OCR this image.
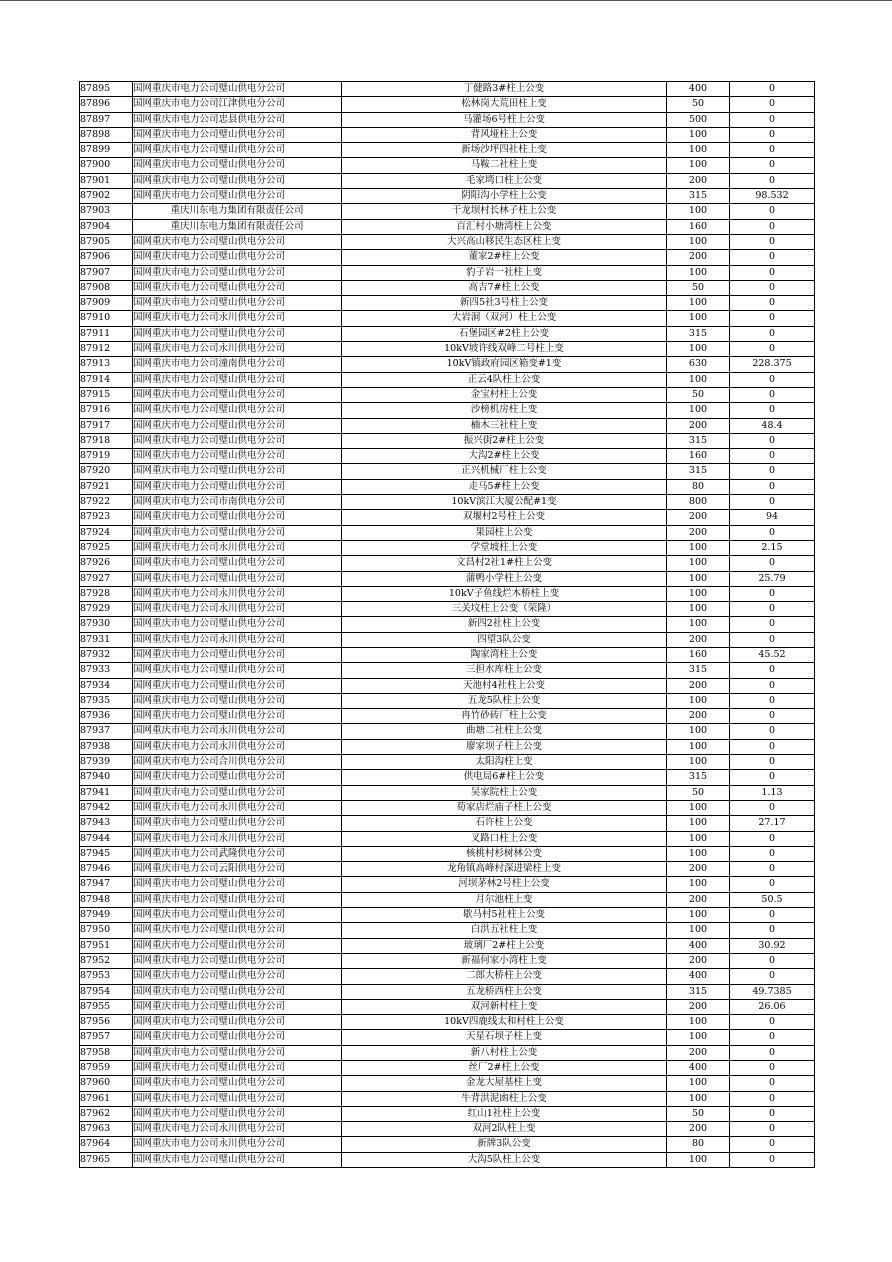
87895	国网重庆市电力公司璧山供电分公司	丁健路3#柱上公变	400	0
87896	国网重庆市电力公司江津供电分公司	松林岗大荒田柱上变	50	0
87897	国网重庆市电力公司忠县供电分公司	马灌场6号柱上公变	500	0
87898	国网重庆市电力公司璧山供电分公司	背风垭柱上公变	100	0
87899	国网重庆市电力公司璧山供电分公司	新场沙坪四社柱上变	100	0
87900	国网重庆市电力公司璧山供电分公司	马鞍二社柱上变	100	0
87901	国网重庆市电力公司璧山供电分公司	毛家塆口柱上公变	200	0
87902	国网重庆市电力公司璧山供电分公司	阴阳沟小学柱上公变	315	98.532
87903	重庆川东电力集团有限责任公司	干龙坝村长林子柱上公变	100	0
87904	重庆川东电力集团有限责任公司	百汇村小塘湾柱上公变	160	0
87905	国网重庆市电力公司璧山供电分公司	大兴高山移民生态区柱上变	100	0
87906	国网重庆市电力公司璧山供电分公司	董家2#柱上公变	200	0
87907	国网重庆市电力公司璧山供电分公司	豹子岩一社柱上变	100	0
87908	国网重庆市电力公司璧山供电分公司	高吉7#柱上公变	50	0
87909	国网重庆市电力公司璧山供电分公司	新四5社3号柱上公变	100	0
87910	国网重庆市电力公司永川供电分公司	大岩洞（双河）柱上公变	100	0
87911	国网重庆市电力公司璧山供电分公司	石堡园区#2柱上公变	315	0
87912	国网重庆市电力公司永川供电分公司	10kV坡许线双峰二号柱上变	100	0
87913	国网重庆市电力公司潼南供电分公司	10kV镇政府园区箱变#1变	630	228.375
87914	国网重庆市电力公司璧山供电分公司	正云4队柱上公变	100	0
87915	国网重庆市电力公司璧山供电分公司	金宝村柱上公变	50	0
87916	国网重庆市电力公司璧山供电分公司	沙榜机房柱上变	100	0
87917	国网重庆市电力公司璧山供电分公司	楠木三社柱上变	200	48.4
87918	国网重庆市电力公司璧山供电分公司	振兴街2#柱上公变	315	0
87919	国网重庆市电力公司璧山供电分公司	大沟2#柱上公变	160	0
87920	国网重庆市电力公司璧山供电分公司	正兴机械厂柱上公变	315	0
87921	国网重庆市电力公司璧山供电分公司	走马5#柱上公变	80	0
87922	国网重庆市电力公司市南供电分公司	10kV滨江大厦公配#1变	800	0
87923	国网重庆市电力公司璧山供电分公司	双堰村2号柱上公变	200	94
87924	国网重庆市电力公司璧山供电分公司	果园柱上公变	200	0
87925	国网重庆市电力公司永川供电分公司	学堂坡柱上公变	100	2.15
87926	国网重庆市电力公司璧山供电分公司	文昌村2社1#柱上公变	100	0
87927	国网重庆市电力公司璧山供电分公司	蒲鸭小学柱上公变	100	25.79
87928	国网重庆市电力公司永川供电分公司	10kV子鱼线烂木桥柱上变	100	0
87929	国网重庆市电力公司永川供电分公司	三关坟柱上公变（荣隆）	100	0
87930	国网重庆市电力公司璧山供电分公司	新四2社柱上公变	100	0
87931	国网重庆市电力公司永川供电分公司	四望3队公变	200	0
87932	国网重庆市电力公司璧山供电分公司	陶家湾柱上公变	160	45.52
87933	国网重庆市电力公司璧山供电分公司	三担水库柱上公变	315	0
87934	国网重庆市电力公司璧山供电分公司	天池村4社柱上公变	200	0
87935	国网重庆市电力公司璧山供电分公司	五龙5队柱上公变	100	0
87936	国网重庆市电力公司璧山供电分公司	冉竹砂砖厂柱上公变	200	0
87937	国网重庆市电力公司永川供电分公司	曲塘二社柱上公变	100	0
87938	国网重庆市电力公司永川供电分公司	廖家坝子柱上公变	100	0
87939	国网重庆市电力公司合川供电分公司	太阳沟柱上变	100	0
87940	国网重庆市电力公司璧山供电分公司	供电局6#柱上公变	315	0
87941	国网重庆市电力公司璧山供电分公司	吴家院柱上公变	50	1.13
87942	国网重庆市电力公司永川供电分公司	荀家店烂庙子柱上公变	100	0
87943	国网重庆市电力公司璧山供电分公司	石许柱上公变	100	27.17
87944	国网重庆市电力公司永川供电分公司	叉路口柱上公变	100	0
87945	国网重庆市电力公司武隆供电分公司	核桃村杉树林公变	100	0
87946	国网重庆市电力公司云阳供电分公司	龙角镇高峰村深进梁柱上变	200	0
87947	国网重庆市电力公司璧山供电分公司	河坝茅林2号柱上公变	100	0
87948	国网重庆市电力公司璧山供电分公司	月尔池柱上变	200	50.5
87949	国网重庆市电力公司璧山供电分公司	歇马村5社柱上公变	100	0
87950	国网重庆市电力公司璧山供电分公司	白洪五社柱上变	100	0
87951	国网重庆市电力公司璧山供电分公司	玻璃厂2#柱上公变	400	30.92
87952	国网重庆市电力公司璧山供电分公司	新福何家小湾柱上变	200	0
87953	国网重庆市电力公司璧山供电分公司	二郎大桥柱上公变	400	0
87954	国网重庆市电力公司璧山供电分公司	五龙桥西柱上公变	315	49.7385
87955	国网重庆市电力公司璧山供电分公司	双河新村柱上变	200	26.06
87956	国网重庆市电力公司璧山供电分公司	10kV四鹿线太和村柱上公变	100	0
87957	国网重庆市电力公司璧山供电分公司	天星石坝子柱上变	100	0
87958	国网重庆市电力公司璧山供电分公司	新八村柱上公变	200	0
87959	国网重庆市电力公司璧山供电分公司	丝厂2#柱上公变	400	0
87960	国网重庆市电力公司璧山供电分公司	金龙大屋基柱上变	100	0
87961	国网重庆市电力公司璧山供电分公司	牛背洪泥凼柱上公变	100	0
87962	国网重庆市电力公司璧山供电分公司	红山1社柱上公变	50	0
87963	国网重庆市电力公司永川供电分公司	双河2队柱上变	200	0
87964	国网重庆市电力公司永川供电分公司	新牌3队公变	80	0
87965	国网重庆市电力公司璧山供电分公司	大沟5队柱上公变	100	0
